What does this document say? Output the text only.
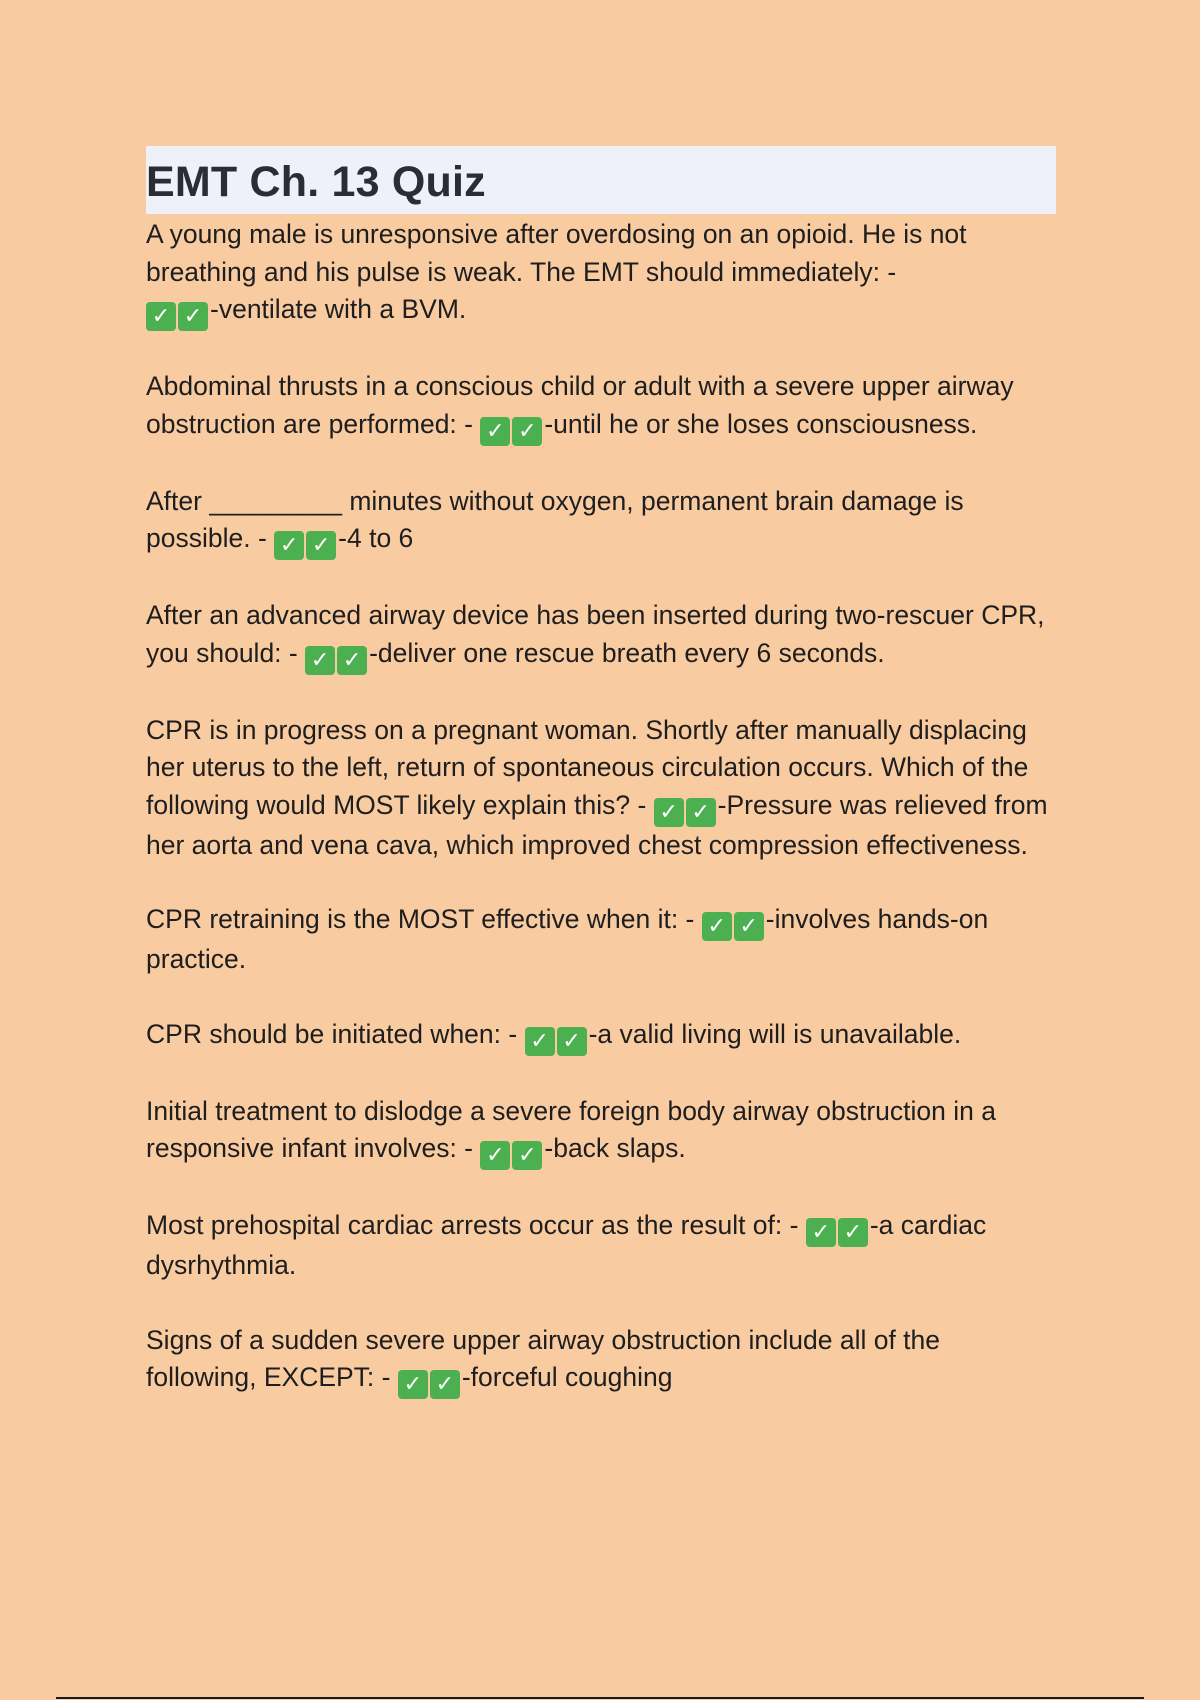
EMT Ch. 13 Quiz

A young male is unresponsive after overdosing on an opioid. He is not breathing and his pulse is weak. The EMT should immediately: - ✓ ✓ -ventilate with a BVM.

Abdominal thrusts in a conscious child or adult with a severe upper airway obstruction are performed: - ✓ ✓ -until he or she loses consciousness.

After _________ minutes without oxygen, permanent brain damage is possible. - ✓ ✓ -4 to 6

After an advanced airway device has been inserted during two-rescuer CPR, you should: - ✓ ✓ -deliver one rescue breath every 6 seconds.

CPR is in progress on a pregnant woman. Shortly after manually displacing her uterus to the left, return of spontaneous circulation occurs. Which of the following would MOST likely explain this? - ✓ ✓ -Pressure was relieved from her aorta and vena cava, which improved chest compression effectiveness.

CPR retraining is the MOST effective when it: - ✓ ✓ -involves hands-on practice.

CPR should be initiated when: - ✓ ✓ -a valid living will is unavailable.

Initial treatment to dislodge a severe foreign body airway obstruction in a responsive infant involves: - ✓ ✓ -back slaps.

Most prehospital cardiac arrests occur as the result of: - ✓ ✓ -a cardiac dysrhythmia.

Signs of a sudden severe upper airway obstruction include all of the following, EXCEPT: - ✓ ✓ -forceful coughing
